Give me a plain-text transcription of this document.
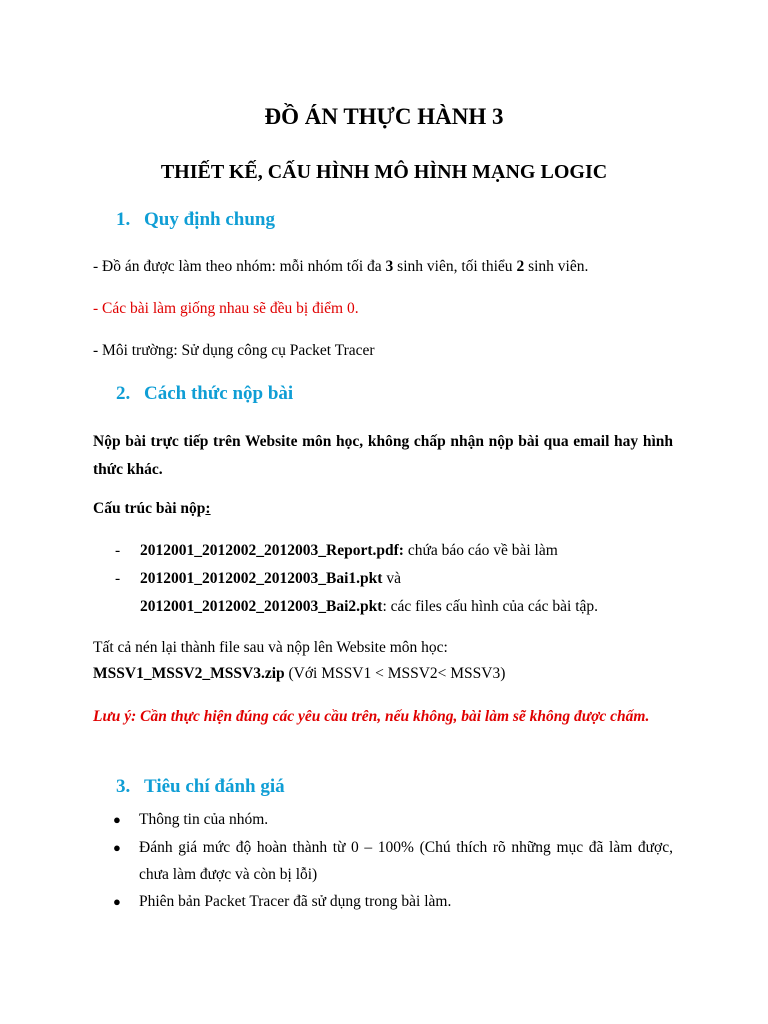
ĐỒ ÁN THỰC HÀNH 3
THIẾT KẾ, CẤU HÌNH MÔ HÌNH MẠNG LOGIC
1. Quy định chung

- Đồ án được làm theo nhóm: mỗi nhóm tối đa 3 sinh viên, tối thiểu 2 sinh viên.

- Các bài làm giống nhau sẽ đều bị điểm 0.

- Môi trường: Sử dụng công cụ Packet Tracer

2. Cách thức nộp bài

Nộp bài trực tiếp trên Website môn học, không chấp nhận nộp bài qua email hay hình thức khác.

Cấu trúc bài nộp:

- 2012001_2012002_2012003_Report.pdf: chứa báo cáo về bài làm
- 2012001_2012002_2012003_Bai1.pkt và
2012001_2012002_2012003_Bai2.pkt: các files cấu hình của các bài tập.

Tất cả nén lại thành file sau và nộp lên Website môn học:

MSSV1_MSSV2_MSSV3.zip (Với MSSV1 < MSSV2< MSSV3)

Lưu ý: Cần thực hiện đúng các yêu cầu trên, nếu không, bài làm sẽ không được chấm.

3. Tiêu chí đánh giá
● Thông tin của nhóm.
● Đánh giá mức độ hoàn thành từ 0 – 100% (Chú thích rõ những mục đã làm được, chưa làm được và còn bị lỗi)
● Phiên bản Packet Tracer đã sử dụng trong bài làm.
